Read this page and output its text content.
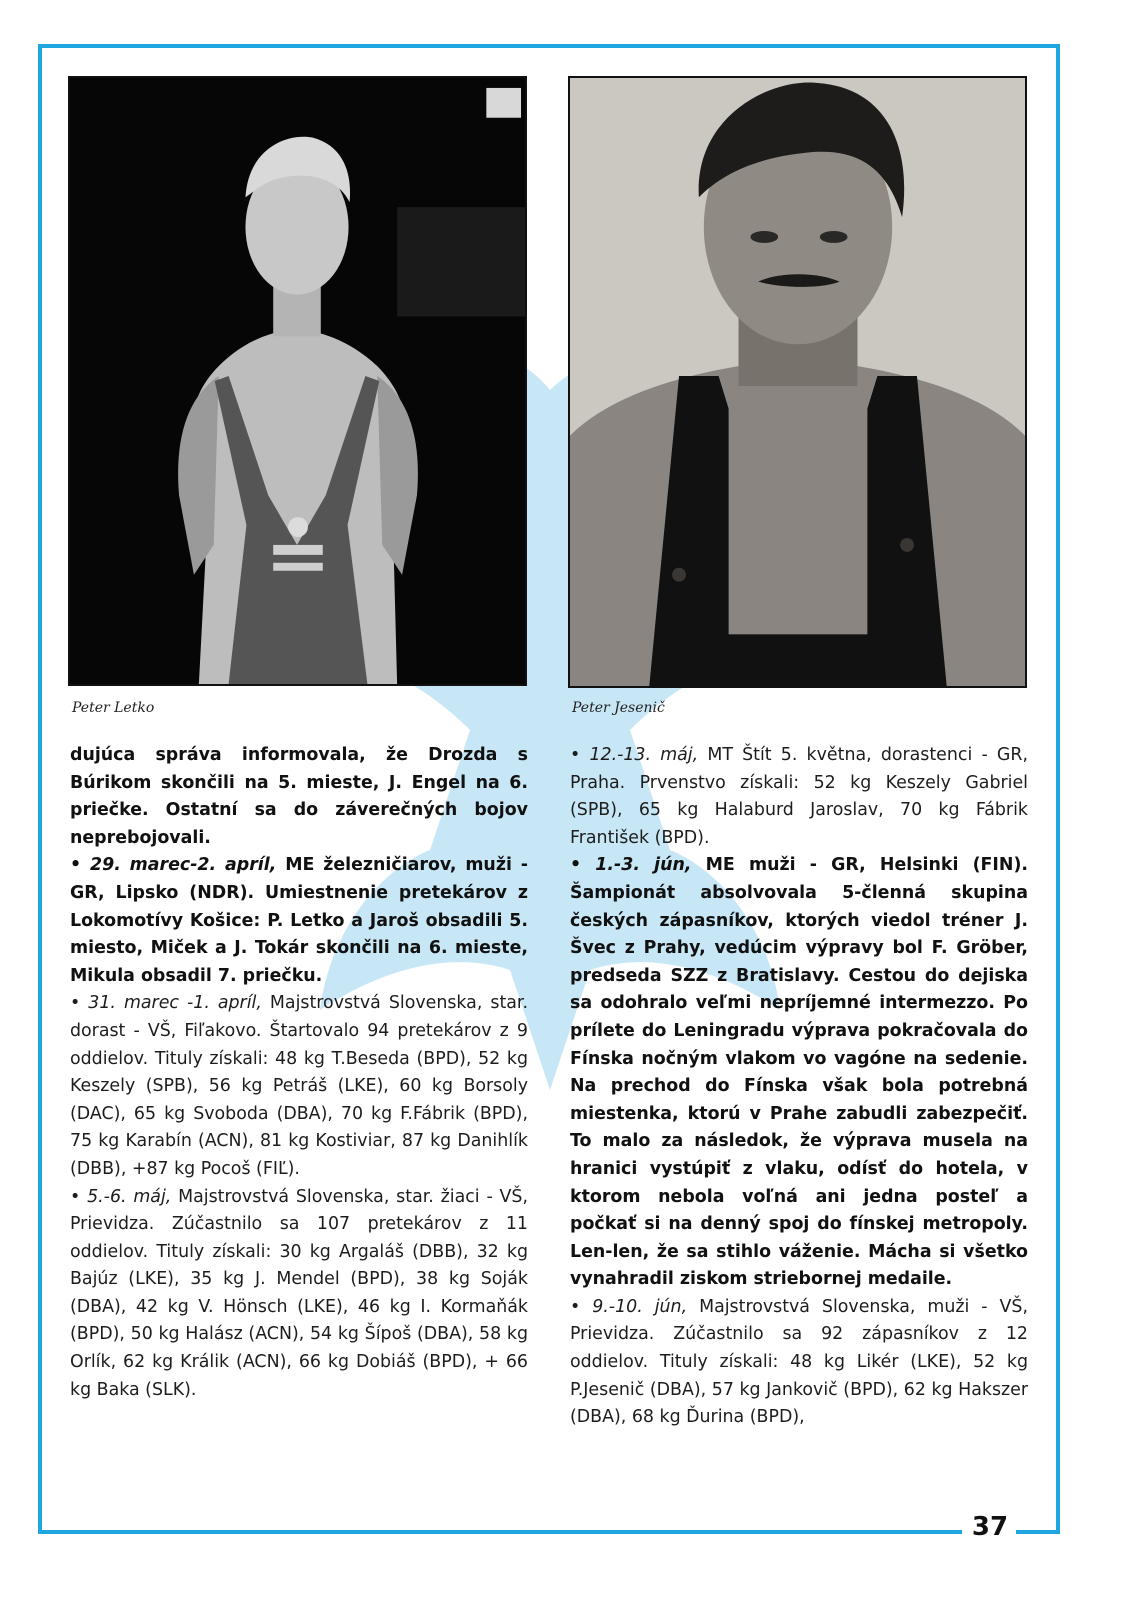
37
Peter Letko	Peter Jesenič

dujúca správa informovala, že Drozda s Búrikom skončili na 5. mieste, J. Engel na 6. priečke. Ostatní sa do záverečných bojov neprebojovali.

• 29. marec-2. apríl, ME železničiarov, muži -GR, Lipsko (NDR). Umiestnenie pretekárov z Lokomotívy Košice: P. Letko a Jaroš obsadili 5. miesto, Miček a J. Tokár skončili na 6. mieste, Mikula obsadil 7. priečku.

• 31. marec -1. apríl, Majstrovstvá Slovenska, star. dorast - VŠ, Fiľakovo. Štartovalo 94 pretekárov z 9 oddielov. Tituly získali: 48 kg T.Beseda (BPD), 52 kg Keszely (SPB), 56 kg Petráš (LKE), 60 kg Borsoly (DAC), 65 kg Svoboda (DBA), 70 kg F.Fábrik (BPD), 75 kg Karabín (ACN), 81 kg Kostiviar, 87 kg Danihlík (DBB), +87 kg Pocoš (FIĽ).

• 5.-6. máj, Majstrovstvá Slovenska, star. žiaci - VŠ, Prievidza. Zúčastnilo sa 107 pretekárov z 11 oddielov. Tituly získali: 30 kg Argaláš (DBB), 32 kg Bajúz (LKE), 35 kg J. Mendel (BPD), 38 kg Soják (DBA), 42 kg V. Hönsch (LKE), 46 kg I. Kormaňák (BPD), 50 kg Halász (ACN), 54 kg Šípoš (DBA), 58 kg Orlík, 62 kg Králik (ACN), 66 kg Dobiáš (BPD), + 66 kg Baka (SLK).

• 12.-13. máj, MT Štít 5. května, dorastenci - GR, Praha. Prvenstvo získali: 52 kg Keszely Gabriel (SPB), 65 kg Halaburd Jaroslav, 70 kg Fábrik František (BPD).

• 1.-3. jún, ME muži - GR, Helsinki (FIN). Šampionát absolvovala 5-členná skupina českých zápasníkov, ktorých viedol tréner J. Švec z Prahy, vedúcim výpravy bol F. Gröber, predseda SZZ z Bratislavy. Cestou do dejiska sa odohralo veľmi nepríjemné intermezzo. Po prílete do Leningradu výprava pokračovala do Fínska nočným vlakom vo vagóne na sedenie. Na prechod do Fínska však bola potrebná miestenka, ktorú v Prahe zabudli zabezpečiť. To malo za následok, že výprava musela na hranici vystúpiť z vlaku, odísť do hotela, v ktorom nebola voľná ani jedna posteľ a počkať si na denný spoj do fínskej metropoly. Len-len, že sa stihlo váženie. Mácha si všetko vynahradil ziskom striebornej medaile.

• 9.-10. jún, Majstrovstvá Slovenska, muži - VŠ, Prievidza. Zúčastnilo sa 92 zápasníkov z 12 oddielov. Tituly získali: 48 kg Likér (LKE), 52 kg P.Jesenič (DBA), 57 kg Jankovič (BPD), 62 kg Hakszer (DBA), 68 kg Ďurina (BPD),
